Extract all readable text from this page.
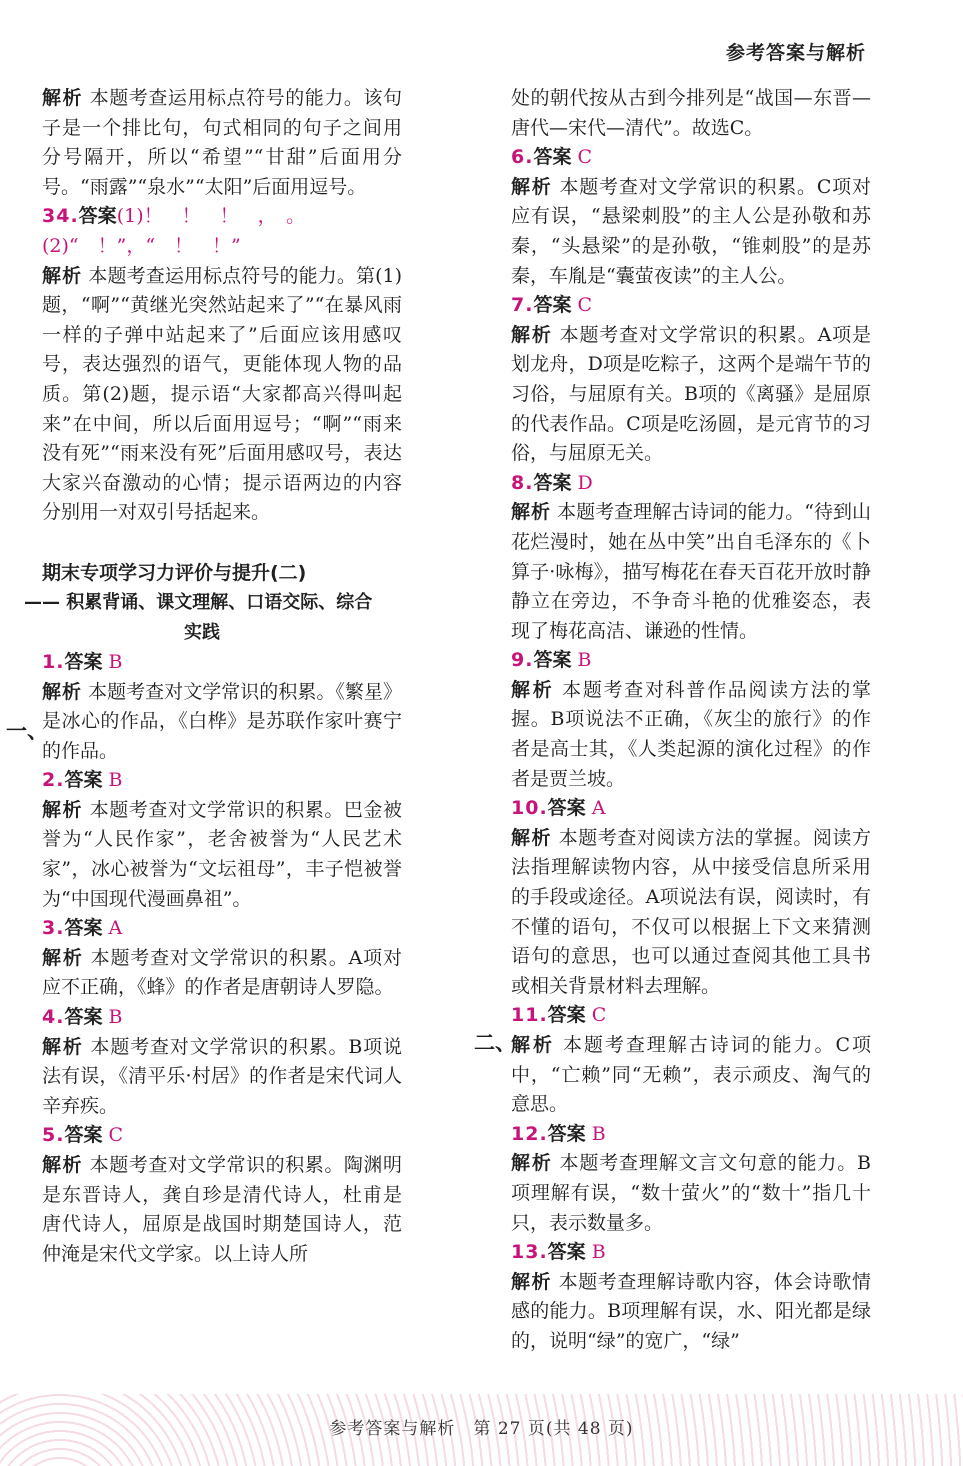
参考答案与解析

解析 本题考查运用标点符号的能力。该句子是一个排比句，句式相同的句子之间用分号隔开，所以“希望”“甘甜”后面用分号。“雨露”“泉水”“太阳”后面用逗号。

34.答案(1)！　！　！　，　。

(2)“　！”，“　！　！”

解析 本题考查运用标点符号的能力。第(1)题，“啊”“黄继光突然站起来了”“在暴风雨一样的子弹中站起来了”后面应该用感叹号，表达强烈的语气，更能体现人物的品质。第(2)题，提示语“大家都高兴得叫起来”在中间，所以后面用逗号；“啊”“雨来没有死”“雨来没有死”后面用感叹号，表达大家兴奋激动的心情；提示语两边的内容分别用一对双引号括起来。

期末专项学习力评价与提升(二)

—— 积累背诵、课文理解、口语交际、综合

实践

1.答案 B

解析 本题考查对文学常识的积累。《繁星》是冰心的作品，《白桦》是苏联作家叶赛宁的作品。

2.答案 B

解析 本题考查对文学常识的积累。巴金被誉为“人民作家”，老舍被誉为“人民艺术家”，冰心被誉为“文坛祖母”，丰子恺被誉为“中国现代漫画鼻祖”。

3.答案 A

解析 本题考查对文学常识的积累。A项对应不正确，《蜂》的作者是唐朝诗人罗隐。

4.答案 B

解析 本题考查对文学常识的积累。B项说法有误，《清平乐·村居》的作者是宋代词人辛弃疾。

5.答案 C

解析 本题考查对文学常识的积累。陶渊明是东晋诗人，龚自珍是清代诗人，杜甫是唐代诗人，屈原是战国时期楚国诗人，范仲淹是宋代文学家。以上诗人所

一、

处的朝代按从古到今排列是“战国—东晋—唐代—宋代—清代”。故选C。

6.答案 C

解析 本题考查对文学常识的积累。C项对应有误，“悬梁刺股”的主人公是孙敬和苏秦，“头悬梁”的是孙敬，“锥刺股”的是苏秦，车胤是“囊萤夜读”的主人公。

7.答案 C

解析 本题考查对文学常识的积累。A项是划龙舟，D项是吃粽子，这两个是端午节的习俗，与屈原有关。B项的《离骚》是屈原的代表作品。C项是吃汤圆，是元宵节的习俗，与屈原无关。

8.答案 D

解析 本题考查理解古诗词的能力。“待到山花烂漫时，她在丛中笑”出自毛泽东的《卜算子·咏梅》，描写梅花在春天百花开放时静静立在旁边，不争奇斗艳的优雅姿态，表现了梅花高洁、谦逊的性情。

9.答案 B

解析 本题考查对科普作品阅读方法的掌握。B项说法不正确，《灰尘的旅行》的作者是高士其，《人类起源的演化过程》的作者是贾兰坡。

10.答案 A

解析 本题考查对阅读方法的掌握。阅读方法指理解读物内容，从中接受信息所采用的手段或途径。A项说法有误，阅读时，有不懂的语句，不仅可以根据上下文来猜测语句的意思，也可以通过查阅其他工具书或相关背景材料去理解。

11.答案 C

解析 本题考查理解古诗词的能力。C项中，“亡赖”同“无赖”，表示顽皮、淘气的意思。

12.答案 B

解析 本题考查理解文言文句意的能力。B项理解有误，“数十萤火”的“数十”指几十只，表示数量多。

13.答案 B

解析 本题考查理解诗歌内容，体会诗歌情感的能力。B项理解有误，水、阳光都是绿的，说明“绿”的宽广，“绿”

二、
参考答案与解析　第 27 页(共 48 页)
